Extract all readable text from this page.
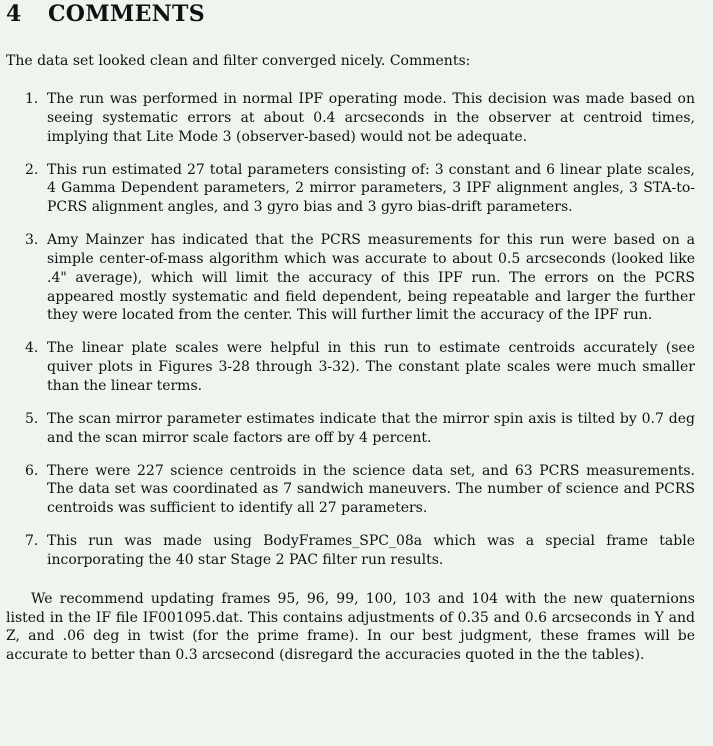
4 COMMENTS

The data set looked clean and filter converged nicely. Comments:

1. The run was performed in normal IPF operating mode. This decision was made based on seeing systematic errors at about 0.4 arcseconds in the observer at centroid times, implying that Lite Mode 3 (observer-based) would not be adequate.
2. This run estimated 27 total parameters consisting of: 3 constant and 6 linear plate scales, 4 Gamma Dependent parameters, 2 mirror parameters, 3 IPF alignment angles, 3 STA-to-PCRS alignment angles, and 3 gyro bias and 3 gyro bias-drift parameters.
3. Amy Mainzer has indicated that the PCRS measurements for this run were based on a simple center-of-mass algorithm which was accurate to about 0.5 arcseconds (looked like .4" average), which will limit the accuracy of this IPF run. The errors on the PCRS appeared mostly systematic and field dependent, being repeatable and larger the further they were located from the center. This will further limit the accuracy of the IPF run.
4. The linear plate scales were helpful in this run to estimate centroids accurately (see quiver plots in Figures 3-28 through 3-32). The constant plate scales were much smaller than the linear terms.
5. The scan mirror parameter estimates indicate that the mirror spin axis is tilted by 0.7 deg and the scan mirror scale factors are off by 4 percent.
6. There were 227 science centroids in the science data set, and 63 PCRS measurements. The data set was coordinated as 7 sandwich maneuvers. The number of science and PCRS centroids was sufficient to identify all 27 parameters.
7. This run was made using BodyFrames_SPC_08a which was a special frame table incorporating the 40 star Stage 2 PAC filter run results.

We recommend updating frames 95, 96, 99, 100, 103 and 104 with the new quaternions listed in the IF file IF001095.dat. This contains adjustments of 0.35 and 0.6 arcseconds in Y and Z, and .06 deg in twist (for the prime frame). In our best judgment, these frames will be accurate to better than 0.3 arcsecond (disregard the accuracies quoted in the the tables).
